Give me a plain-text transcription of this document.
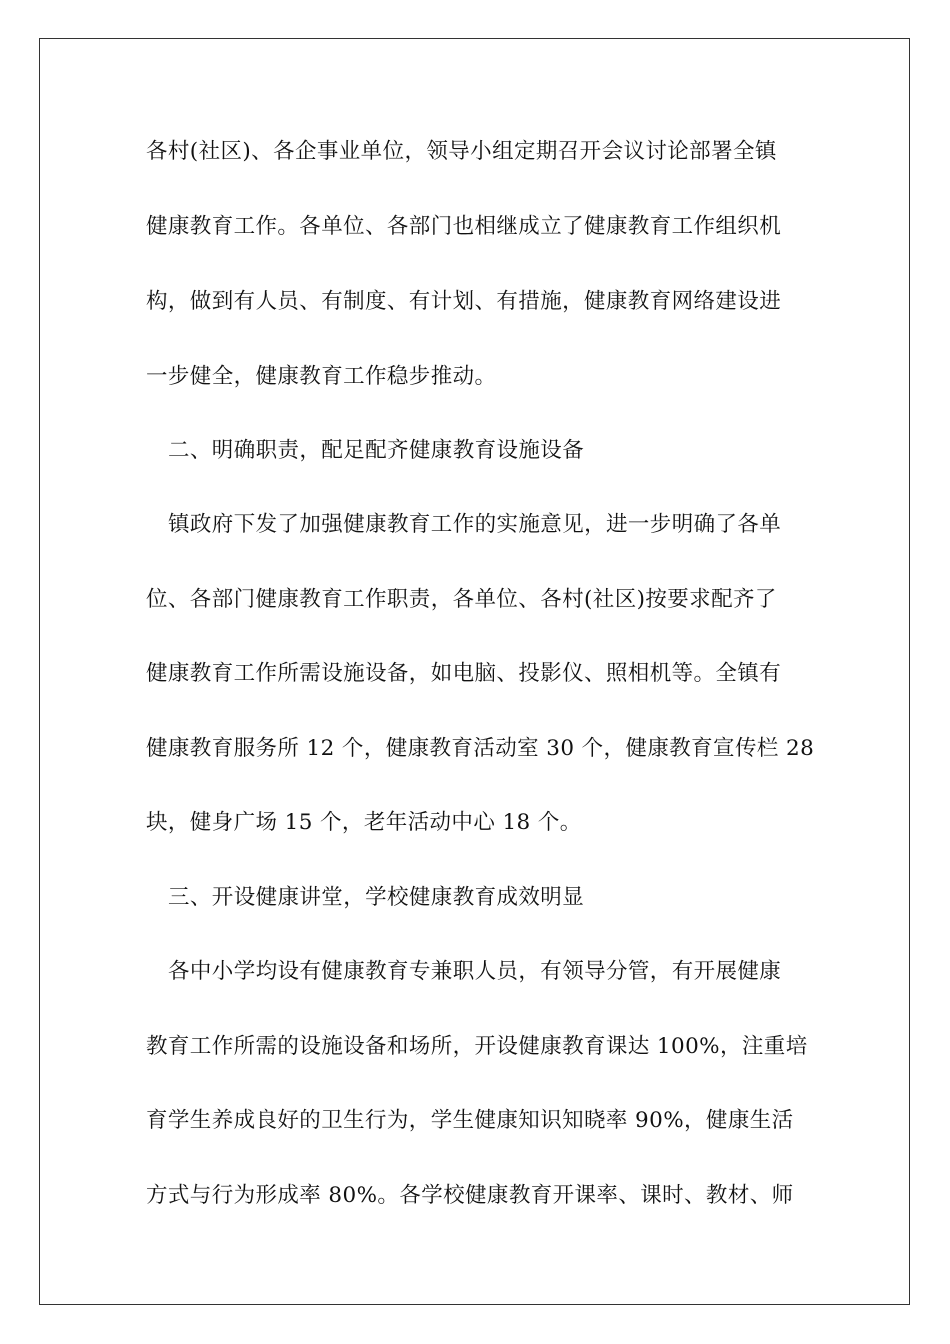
各村(社区)、各企事业单位，领导小组定期召开会议讨论部署全镇
健康教育工作。各单位、各部门也相继成立了健康教育工作组织机
构，做到有人员、有制度、有计划、有措施，健康教育网络建设进
一步健全，健康教育工作稳步推动。
二、明确职责，配足配齐健康教育设施设备
镇政府下发了加强健康教育工作的实施意见，进一步明确了各单
位、各部门健康教育工作职责，各单位、各村(社区)按要求配齐了
健康教育工作所需设施设备，如电脑、投影仪、照相机等。全镇有
健康教育服务所 12 个，健康教育活动室 30 个，健康教育宣传栏 28
块，健身广场 15 个，老年活动中心 18 个。
三、开设健康讲堂，学校健康教育成效明显
各中小学均设有健康教育专兼职人员，有领导分管，有开展健康
教育工作所需的设施设备和场所，开设健康教育课达 100%，注重培
育学生养成良好的卫生行为，学生健康知识知晓率 90%，健康生活
方式与行为形成率 80%。各学校健康教育开课率、课时、教材、师
